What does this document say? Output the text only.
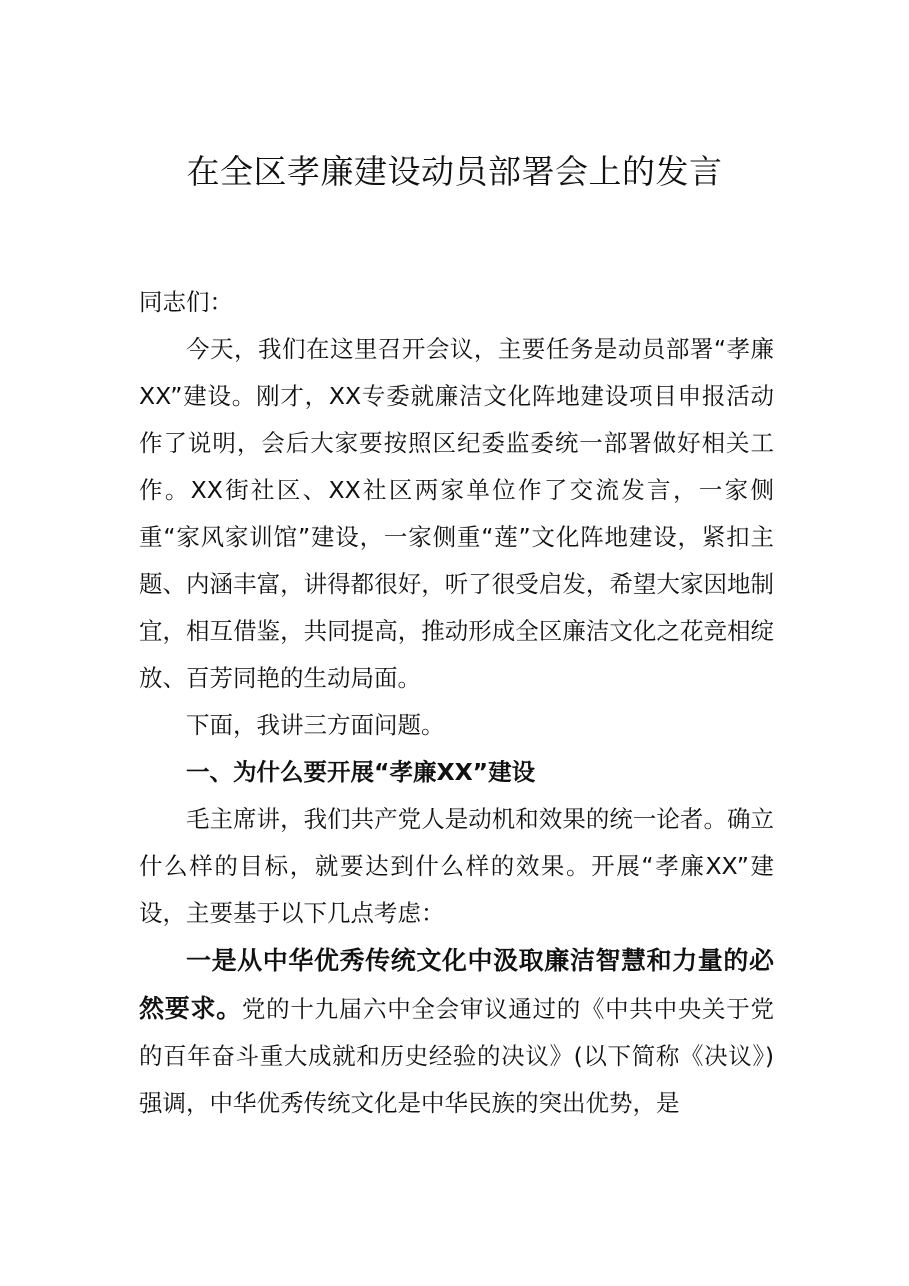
在全区孝廉建设动员部署会上的发言

同志们：

今天，我们在这里召开会议，主要任务是动员部署“孝廉XX”建设。刚才，XX专委就廉洁文化阵地建设项目申报活动作了说明，会后大家要按照区纪委监委统一部署做好相关工作。XX街社区、XX社区两家单位作了交流发言，一家侧重“家风家训馆”建设，一家侧重“莲”文化阵地建设，紧扣主题、内涵丰富，讲得都很好，听了很受启发，希望大家因地制宜，相互借鉴，共同提高，推动形成全区廉洁文化之花竞相绽放、百芳同艳的生动局面。

下面，我讲三方面问题。

一、为什么要开展“孝廉XX”建设

毛主席讲，我们共产党人是动机和效果的统一论者。确立什么样的目标，就要达到什么样的效果。开展“孝廉XX”建设，主要基于以下几点考虑：

一是从中华优秀传统文化中汲取廉洁智慧和力量的必然要求。党的十九届六中全会审议通过的《中共中央关于党的百年奋斗重大成就和历史经验的决议》(以下简称《决议》)强调，中华优秀传统文化是中华民族的突出优势，是
